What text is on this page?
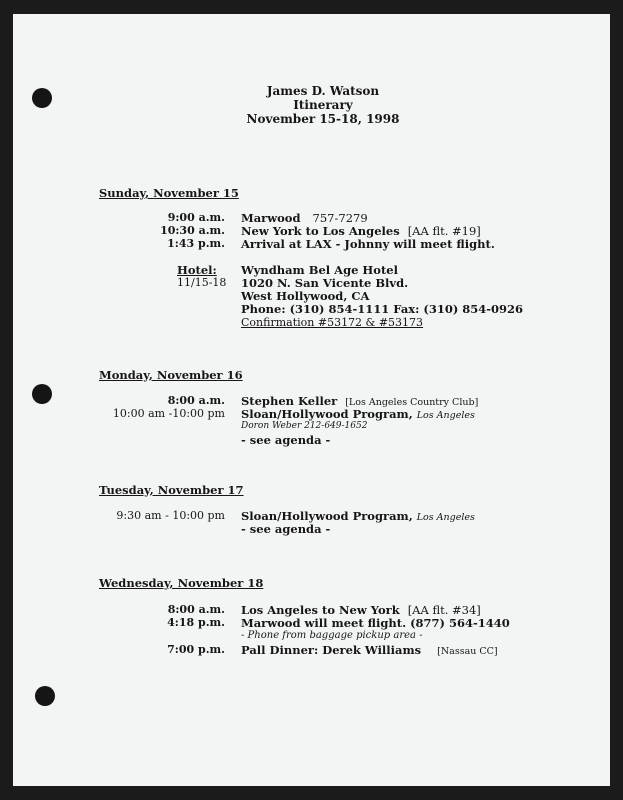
James D. Watson
Itinerary
November 15-18, 1998
Sunday, November 15
9:00 a.m. Marwood 757-7279
10:30 a.m. New York to Los Angeles [AA flt. #19]
1:43 p.m. Arrival at LAX - Johnny will meet flight.
Hotel:
11/15-18
Wyndham Bel Age Hotel
1020 N. San Vicente Blvd.
West Hollywood, CA
Phone: (310) 854-1111 Fax: (310) 854-0926
Confirmation #53172 & #53173
Monday, November 16
8:00 a.m. Stephen Keller [Los Angeles Country Club]
10:00 am -10:00 pm Sloan/Hollywood Program, Los Angeles
Doron Weber 212-649-1652
- see agenda -
Tuesday, November 17
9:30 am - 10:00 pm Sloan/Hollywood Program, Los Angeles
- see agenda -
Wednesday, November 18
8:00 a.m. Los Angeles to New York [AA flt. #34]
4:18 p.m. Marwood will meet flight. (877) 564-1440
- Phone from baggage pickup area -
7:00 p.m. Pall Dinner: Derek Williams [Nassau CC]
